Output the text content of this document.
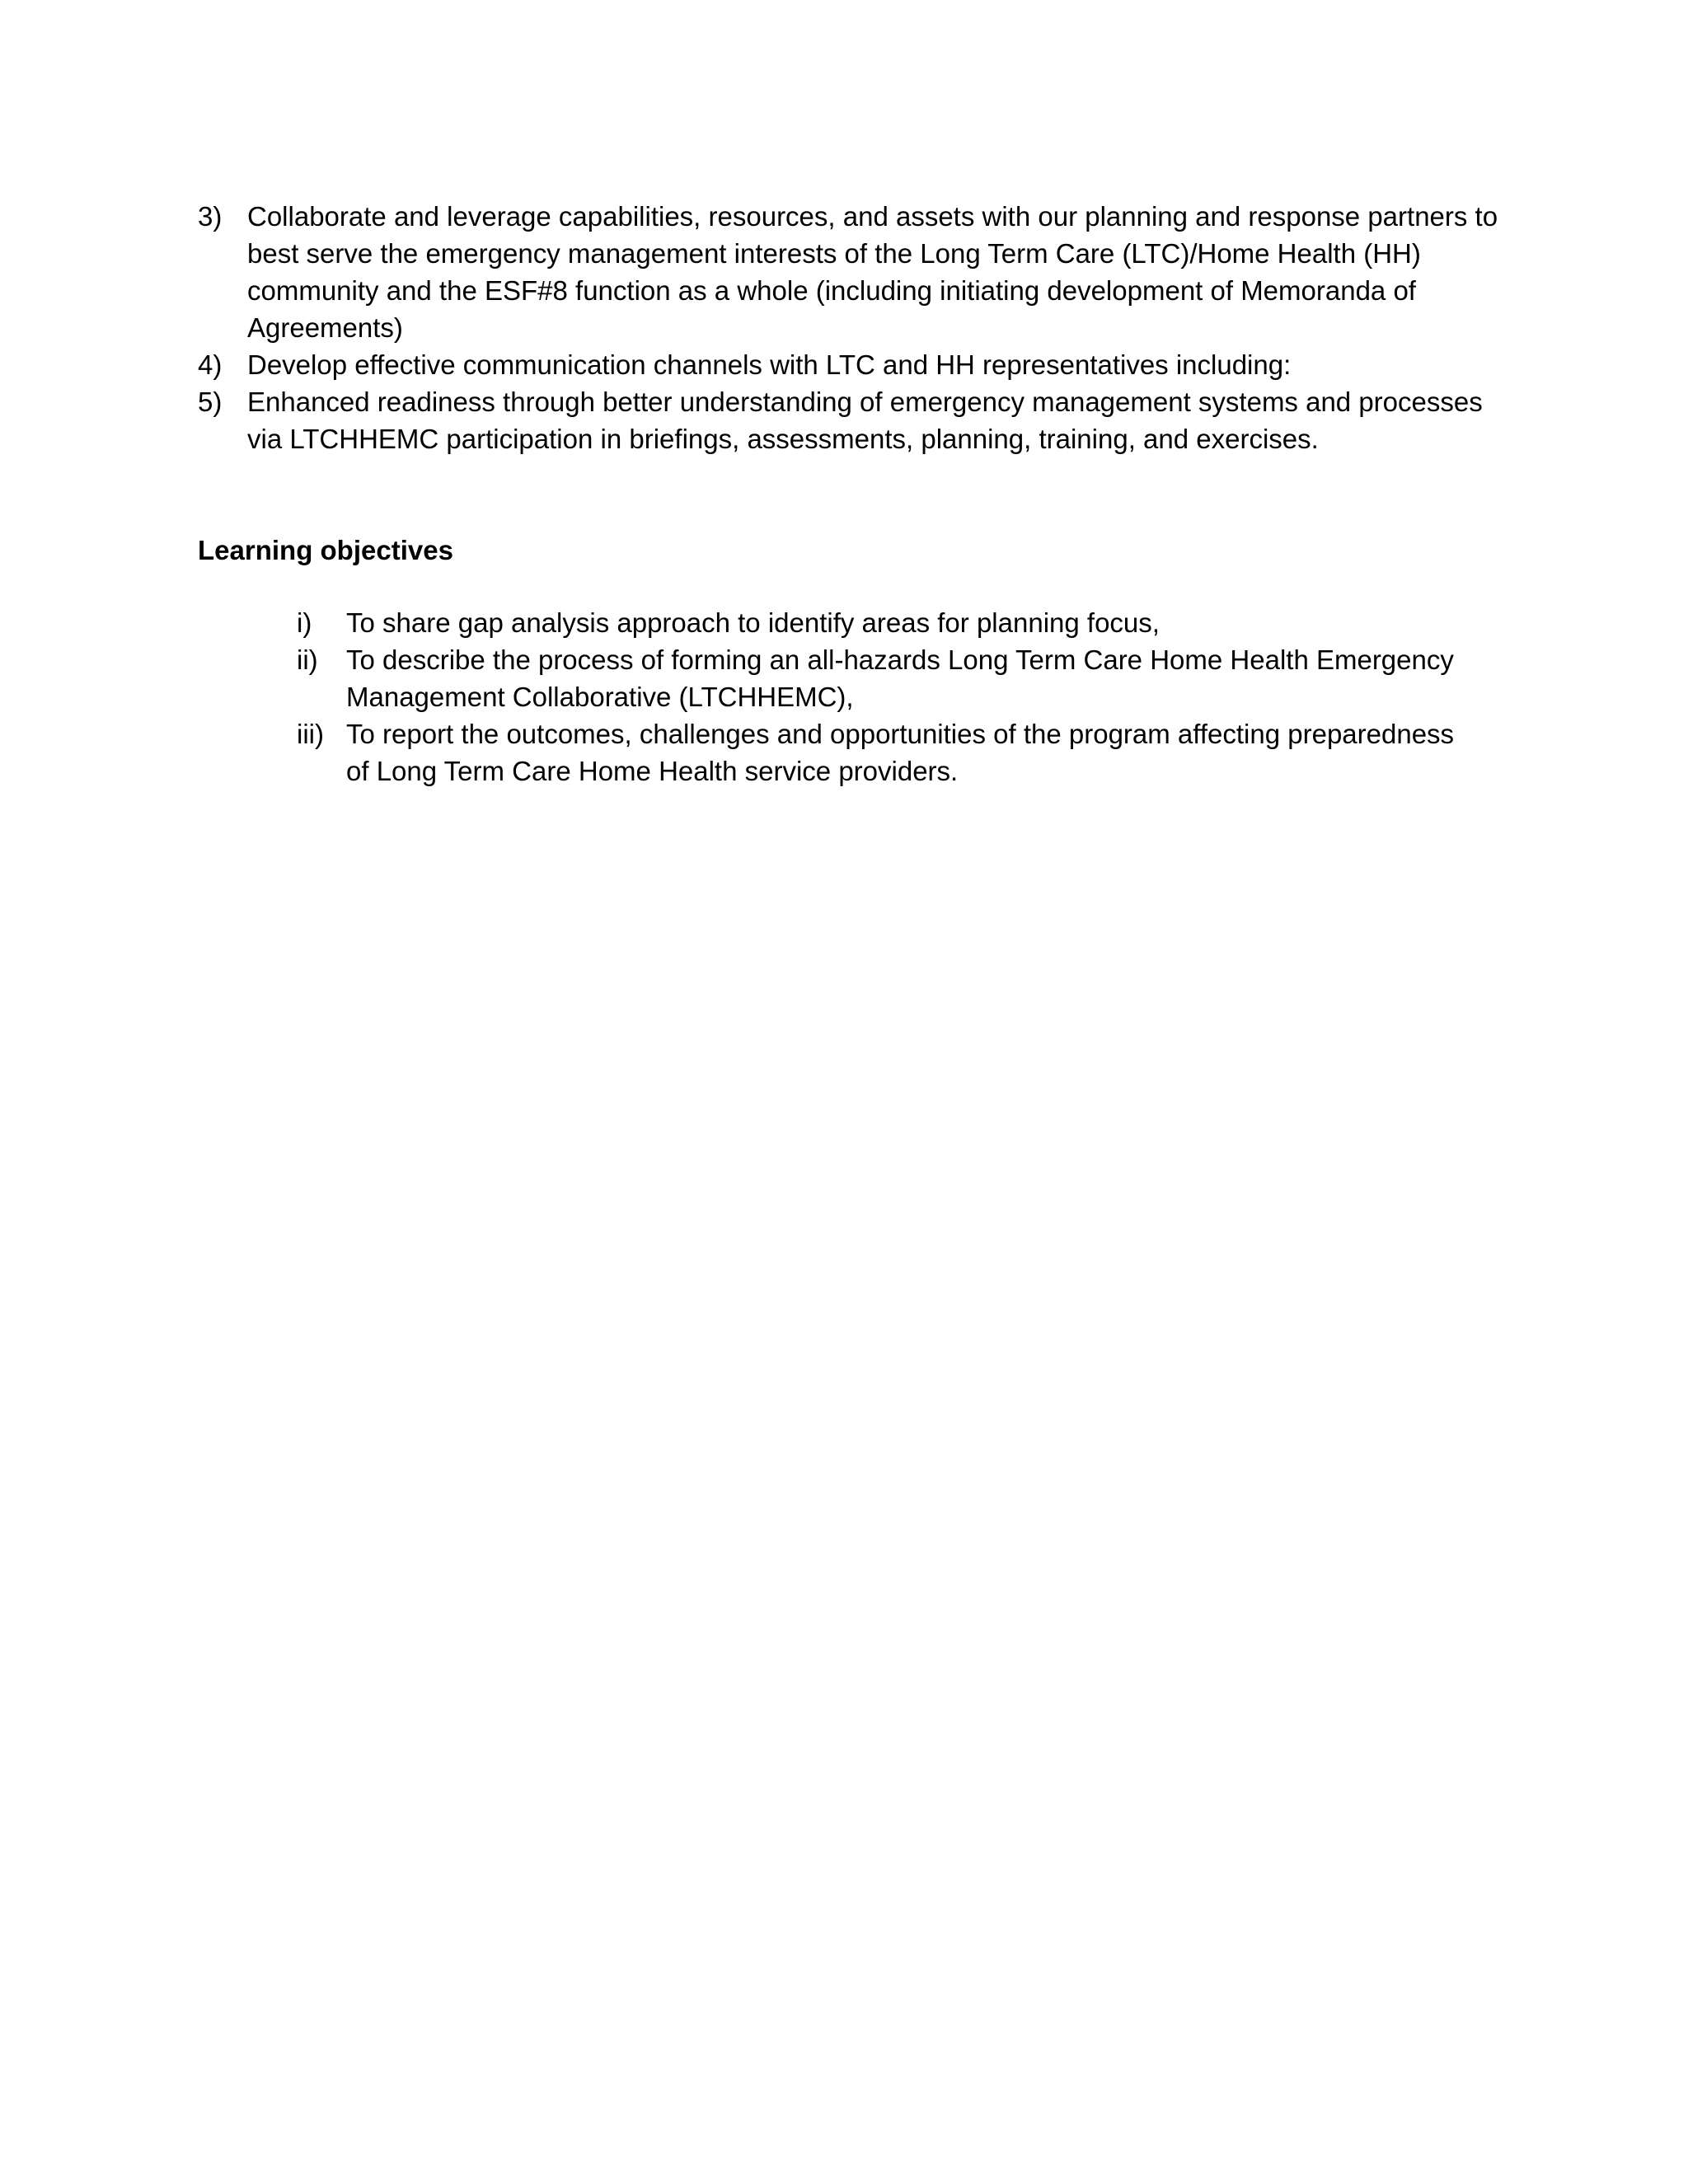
3) Collaborate and leverage capabilities, resources, and assets with our planning and response partners to best serve the emergency management interests of the Long Term Care (LTC)/Home Health (HH) community and the ESF#8 function as a whole (including initiating development of Memoranda of Agreements)
4) Develop effective communication channels with LTC and HH representatives including:
5) Enhanced readiness through better understanding of emergency management systems and processes via LTCHHEMC participation in briefings, assessments, planning, training, and exercises.
Learning objectives
i)	To share gap analysis approach to identify areas for planning focus,
ii)	To describe the process of forming an all-hazards Long Term Care Home Health Emergency Management Collaborative (LTCHHEMC),
iii) To report the outcomes, challenges and opportunities of the program affecting preparedness of Long Term Care Home Health service providers.
